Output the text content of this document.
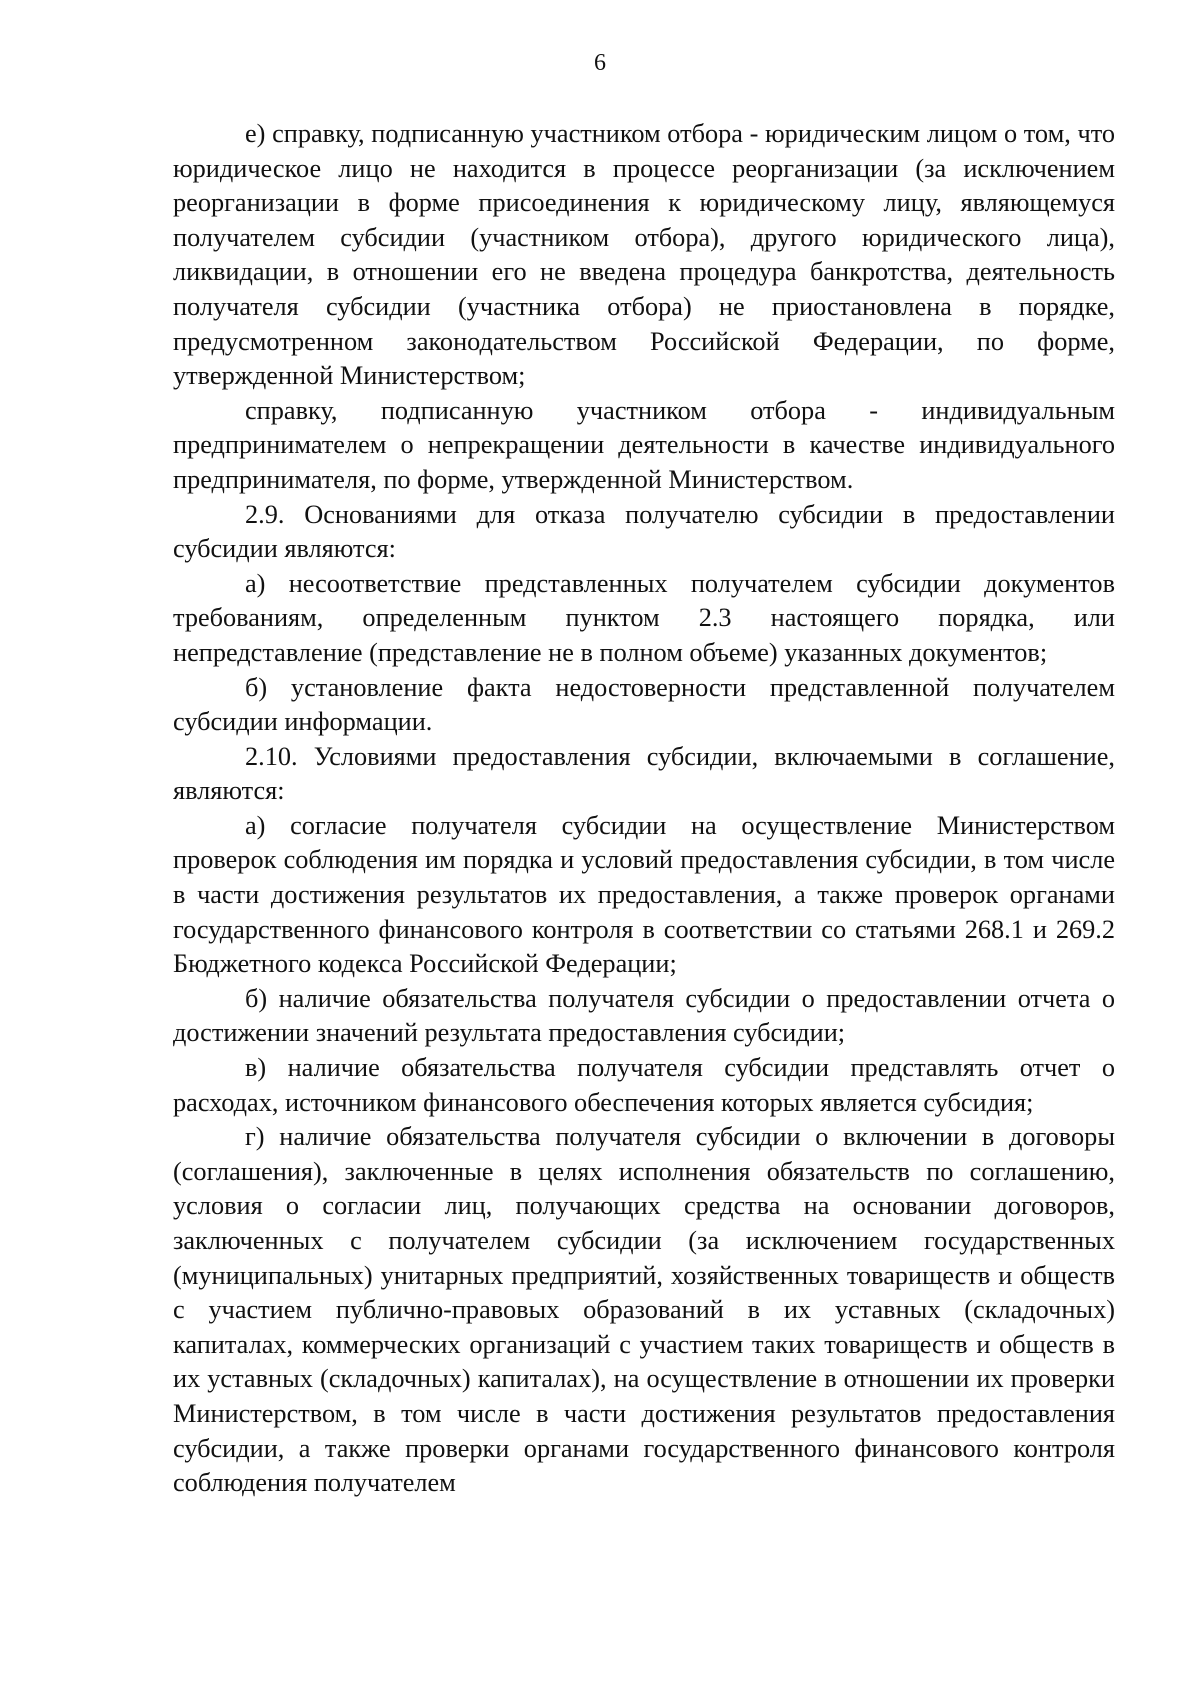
6

е) справку, подписанную участником отбора - юридическим лицом о том, что юридическое лицо не находится в процессе реорганизации (за исключением реорганизации в форме присоединения к юридическому лицу, являющемуся получателем субсидии (участником отбора), другого юридического лица), ликвидации, в отношении его не введена процедура банкротства, деятельность получателя субсидии (участника отбора) не приостановлена в порядке, предусмотренном законодательством Российской Федерации, по форме, утвержденной Министерством;

справку, подписанную участником отбора - индивидуальным предпринимателем о непрекращении деятельности в качестве индивидуального предпринимателя, по форме, утвержденной Министерством.

2.9. Основаниями для отказа получателю субсидии в предоставлении субсидии являются:

а) несоответствие представленных получателем субсидии документов требованиям, определенным пунктом 2.3 настоящего порядка, или непредставление (представление не в полном объеме) указанных документов;

б) установление факта недостоверности представленной получателем субсидии информации.

2.10. Условиями предоставления субсидии, включаемыми в соглашение, являются:

а) согласие получателя субсидии на осуществление Министерством проверок соблюдения им порядка и условий предоставления субсидии, в том числе в части достижения результатов их предоставления, а также проверок органами государственного финансового контроля в соответствии со статьями 268.1 и 269.2 Бюджетного кодекса Российской Федерации;

б) наличие обязательства получателя субсидии о предоставлении отчета о достижении значений результата предоставления субсидии;

в) наличие обязательства получателя субсидии представлять отчет о расходах, источником финансового обеспечения которых является субсидия;

г) наличие обязательства получателя субсидии о включении в договоры (соглашения), заключенные в целях исполнения обязательств по соглашению, условия о согласии лиц, получающих средства на основании договоров, заключенных с получателем субсидии (за исключением государственных (муниципальных) унитарных предприятий, хозяйственных товариществ и обществ с участием публично-правовых образований в их уставных (складочных) капиталах, коммерческих организаций с участием таких товариществ и обществ в их уставных (складочных) капиталах), на осуществление в отношении их проверки Министерством, в том числе в части достижения результатов предоставления субсидии, а также проверки органами государственного финансового контроля соблюдения получателем
